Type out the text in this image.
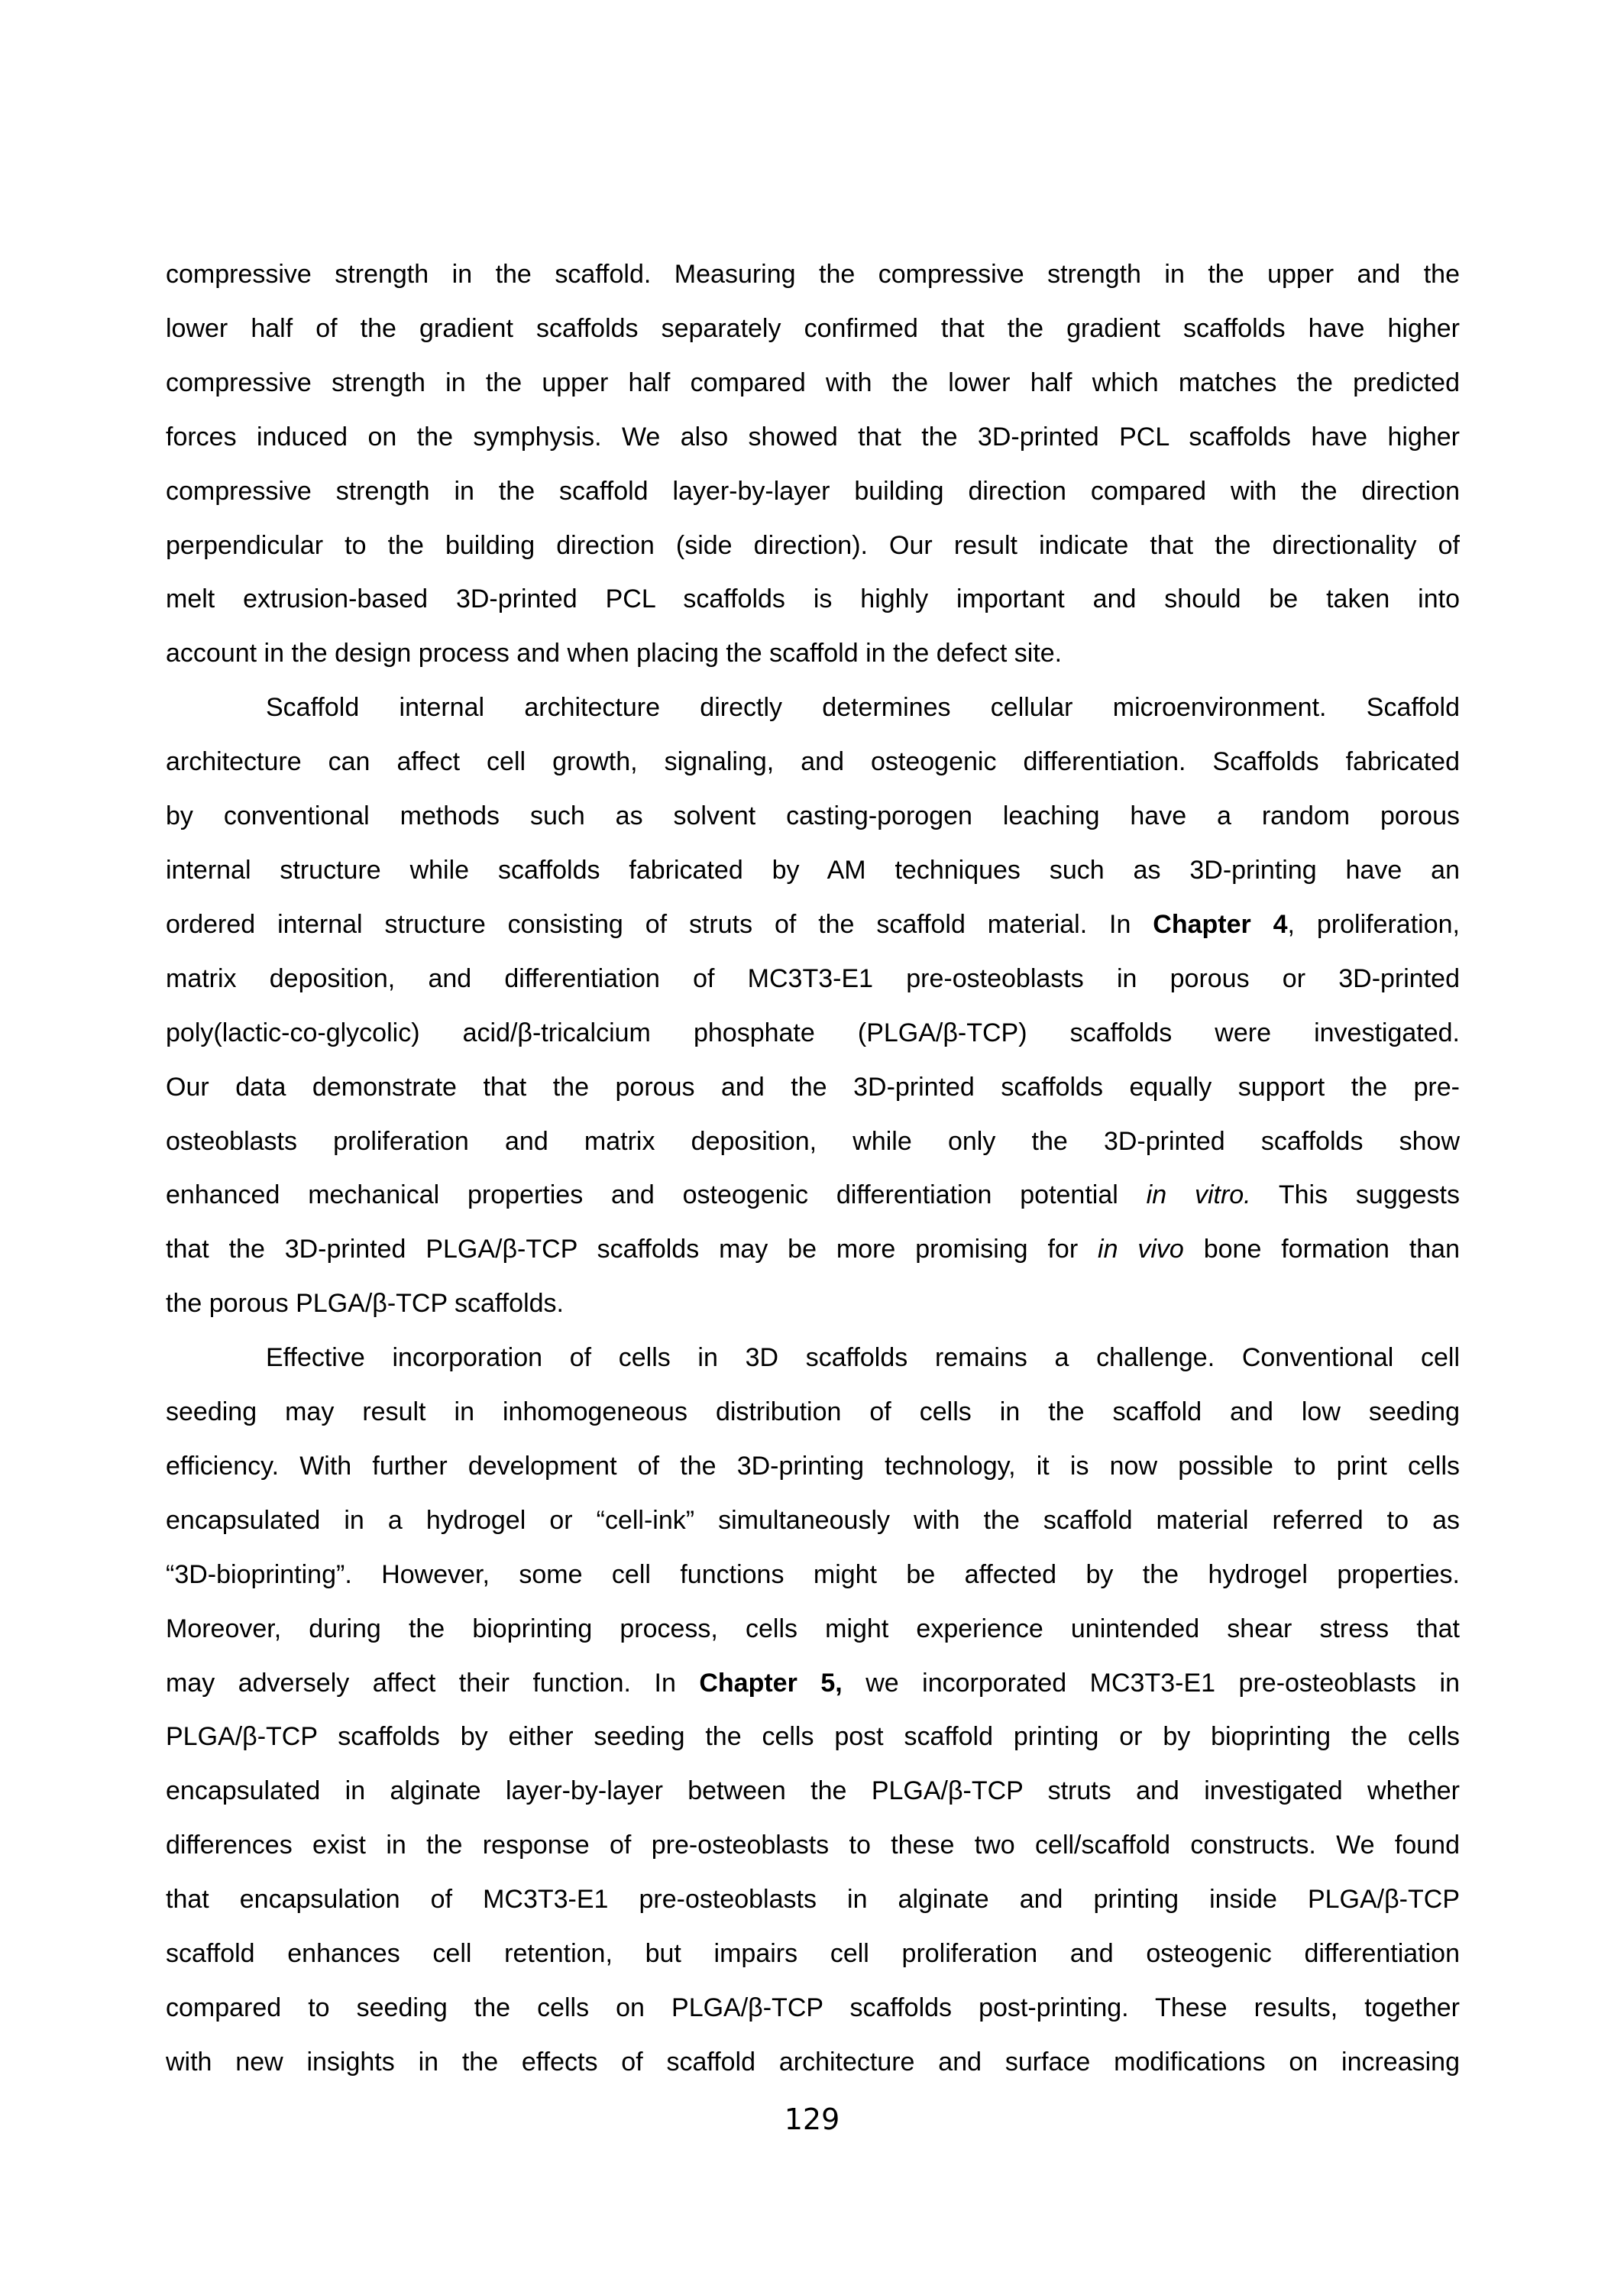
compressive strength in the scaffold. Measuring the compressive strength in the upper and the
lower half of the gradient scaffolds separately confirmed that the gradient scaffolds have higher
compressive strength in the upper half compared with the lower half which matches the predicted
forces induced on the symphysis. We also showed that the 3D-printed PCL scaffolds have higher
compressive strength in the scaffold layer-by-layer building direction compared with the direction
perpendicular to the building direction (side direction). Our result indicate that the directionality of
melt extrusion-based 3D-printed PCL scaffolds is highly important and should be taken into
account in the design process and when placing the scaffold in the defect site.
Scaffold internal architecture directly determines cellular microenvironment. Scaffold
architecture can affect cell growth, signaling, and osteogenic differentiation. Scaffolds fabricated
by conventional methods such as solvent casting-porogen leaching have a random porous
internal structure while scaffolds fabricated by AM techniques such as 3D-printing have an
ordered internal structure consisting of struts of the scaffold material. In Chapter 4, proliferation,
matrix deposition, and differentiation of MC3T3-E1 pre-osteoblasts in porous or 3D-printed
poly(lactic-co-glycolic) acid/β-tricalcium phosphate (PLGA/β-TCP) scaffolds were investigated.
Our data demonstrate that the porous and the 3D-printed scaffolds equally support the pre-
osteoblasts proliferation and matrix deposition, while only the 3D-printed scaffolds show
enhanced mechanical properties and osteogenic differentiation potential in vitro. This suggests
that the 3D-printed PLGA/β-TCP scaffolds may be more promising for in vivo bone formation than
the porous PLGA/β-TCP scaffolds.
Effective incorporation of cells in 3D scaffolds remains a challenge. Conventional cell
seeding may result in inhomogeneous distribution of cells in the scaffold and low seeding
efficiency. With further development of the 3D-printing technology, it is now possible to print cells
encapsulated in a hydrogel or “cell-ink” simultaneously with the scaffold material referred to as
“3D-bioprinting”. However, some cell functions might be affected by the hydrogel properties.
Moreover, during the bioprinting process, cells might experience unintended shear stress that
may adversely affect their function. In Chapter 5, we incorporated MC3T3-E1 pre-osteoblasts in
PLGA/β-TCP scaffolds by either seeding the cells post scaffold printing or by bioprinting the cells
encapsulated in alginate layer-by-layer between the PLGA/β-TCP struts and investigated whether
differences exist in the response of pre-osteoblasts to these two cell/scaffold constructs. We found
that encapsulation of MC3T3-E1 pre-osteoblasts in alginate and printing inside PLGA/β-TCP
scaffold enhances cell retention, but impairs cell proliferation and osteogenic differentiation
compared to seeding the cells on PLGA/β-TCP scaffolds post-printing. These results, together
with new insights in the effects of scaffold architecture and surface modifications on increasing
129
